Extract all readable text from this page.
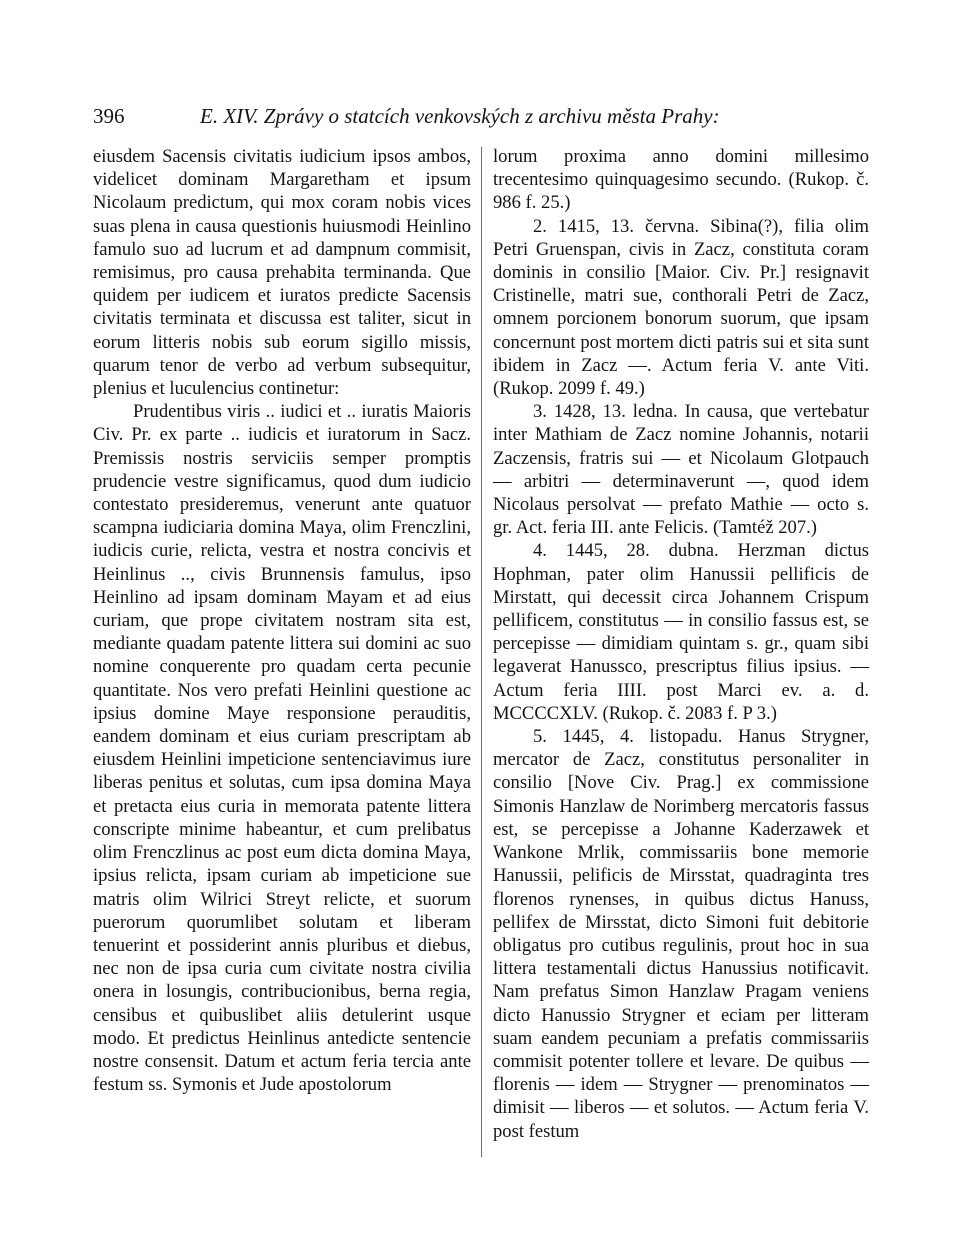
396	E. XIV. Zprávy o statcích venkovských z archivu města Prahy:

eiusdem Sacensis civitatis iudicium ipsos ambos, videlicet dominam Margaretham et ipsum Nicolaum predictum, qui mox coram nobis vices suas plena in causa questionis huiusmodi Heinlino famulo suo ad lucrum et ad dampnum commisit, remisimus, pro causa prehabita terminanda. Que quidem per iudicem et iuratos predicte Sacensis civitatis terminata et discussa est taliter, sicut in eorum litteris nobis sub eorum sigillo missis, quarum tenor de verbo ad verbum subsequitur, plenius et luculencius continetur:

Prudentibus viris .. iudici et .. iuratis Maioris Civ. Pr. ex parte .. iudicis et iuratorum in Sacz. Premissis nostris serviciis semper promptis prudencie vestre significamus, quod dum iudicio contestato presideremus, venerunt ante quatuor scampna iudiciaria domina Maya, olim Frenczlini, iudicis curie, relicta, vestra et nostra concivis et Heinlinus .., civis Brunnensis famulus, ipso Heinlino ad ipsam dominam Mayam et ad eius curiam, que prope civitatem nostram sita est, mediante quadam patente littera sui domini ac suo nomine conquerente pro quadam certa pecunie quantitate. Nos vero prefati Heinlini questione ac ipsius domine Maye responsione perauditis, eandem dominam et eius curiam prescriptam ab eiusdem Heinlini impeticione sentenciavimus iure liberas penitus et solutas, cum ipsa domina Maya et pretacta eius curia in memorata patente littera conscripte minime habeantur, et cum prelibatus olim Frenczlinus ac post eum dicta domina Maya, ipsius relicta, ipsam curiam ab impeticione sue matris olim Wilrici Streyt relicte, et suorum puerorum quorumlibet solutam et liberam tenuerint et possiderint annis pluribus et diebus, nec non de ipsa curia cum civitate nostra civilia onera in losungis, contribucionibus, berna regia, censibus et quibuslibet aliis detulerint usque modo. Et predictus Heinlinus antedicte sentencie nostre consensit. Datum et actum feria tercia ante festum ss. Symonis et Jude apostolorum

lorum proxima anno domini millesimo trecentesimo quinquagesimo secundo. (Rukop. č. 986 f. 25.)

2. 1415, 13. června. Sibina(?), filia olim Petri Gruenspan, civis in Zacz, constituta coram dominis in consilio [Maior. Civ. Pr.] resignavit Cristinelle, matri sue, conthorali Petri de Zacz, omnem porcionem bonorum suorum, que ipsam concernunt post mortem dicti patris sui et sita sunt ibidem in Zacz —. Actum feria V. ante Viti. (Rukop. 2099 f. 49.)

3. 1428, 13. ledna. In causa, que vertebatur inter Mathiam de Zacz nomine Johannis, notarii Zaczensis, fratris sui — et Nicolaum Glotpauch — arbitri — determinaverunt —, quod idem Nicolaus persolvat — prefato Mathie — octo s. gr. Act. feria III. ante Felicis. (Tamtéž 207.)

4. 1445, 28. dubna. Herzman dictus Hophman, pater olim Hanussii pellificis de Mirstatt, qui decessit circa Johannem Crispum pellificem, constitutus — in consilio fassus est, se percepisse — dimidiam quintam s. gr., quam sibi legaverat Hanussco, prescriptus filius ipsius. — Actum feria IIII. post Marci ev. a. d. MCCCCXLV. (Rukop. č. 2083 f. P 3.)

5. 1445, 4. listopadu. Hanus Strygner, mercator de Zacz, constitutus personaliter in consilio [Nove Civ. Prag.] ex commissione Simonis Hanzlaw de Norimberg mercatoris fassus est, se percepisse a Johanne Kaderzawek et Wankone Mrlik, commissariis bone memorie Hanussii, pelificis de Mirsstat, quadraginta tres florenos rynenses, in quibus dictus Hanuss, pellifex de Mirsstat, dicto Simoni fuit debitorie obligatus pro cutibus regulinis, prout hoc in sua littera testamentali dictus Hanussius notificavit. Nam prefatus Simon Hanzlaw Pragam veniens dicto Hanussio Strygner et eciam per litteram suam eandem pecuniam a prefatis commissariis commisit potenter tollere et levare. De quibus — florenis — idem — Strygner — prenominatos — dimisit — liberos — et solutos. — Actum feria V. post festum
